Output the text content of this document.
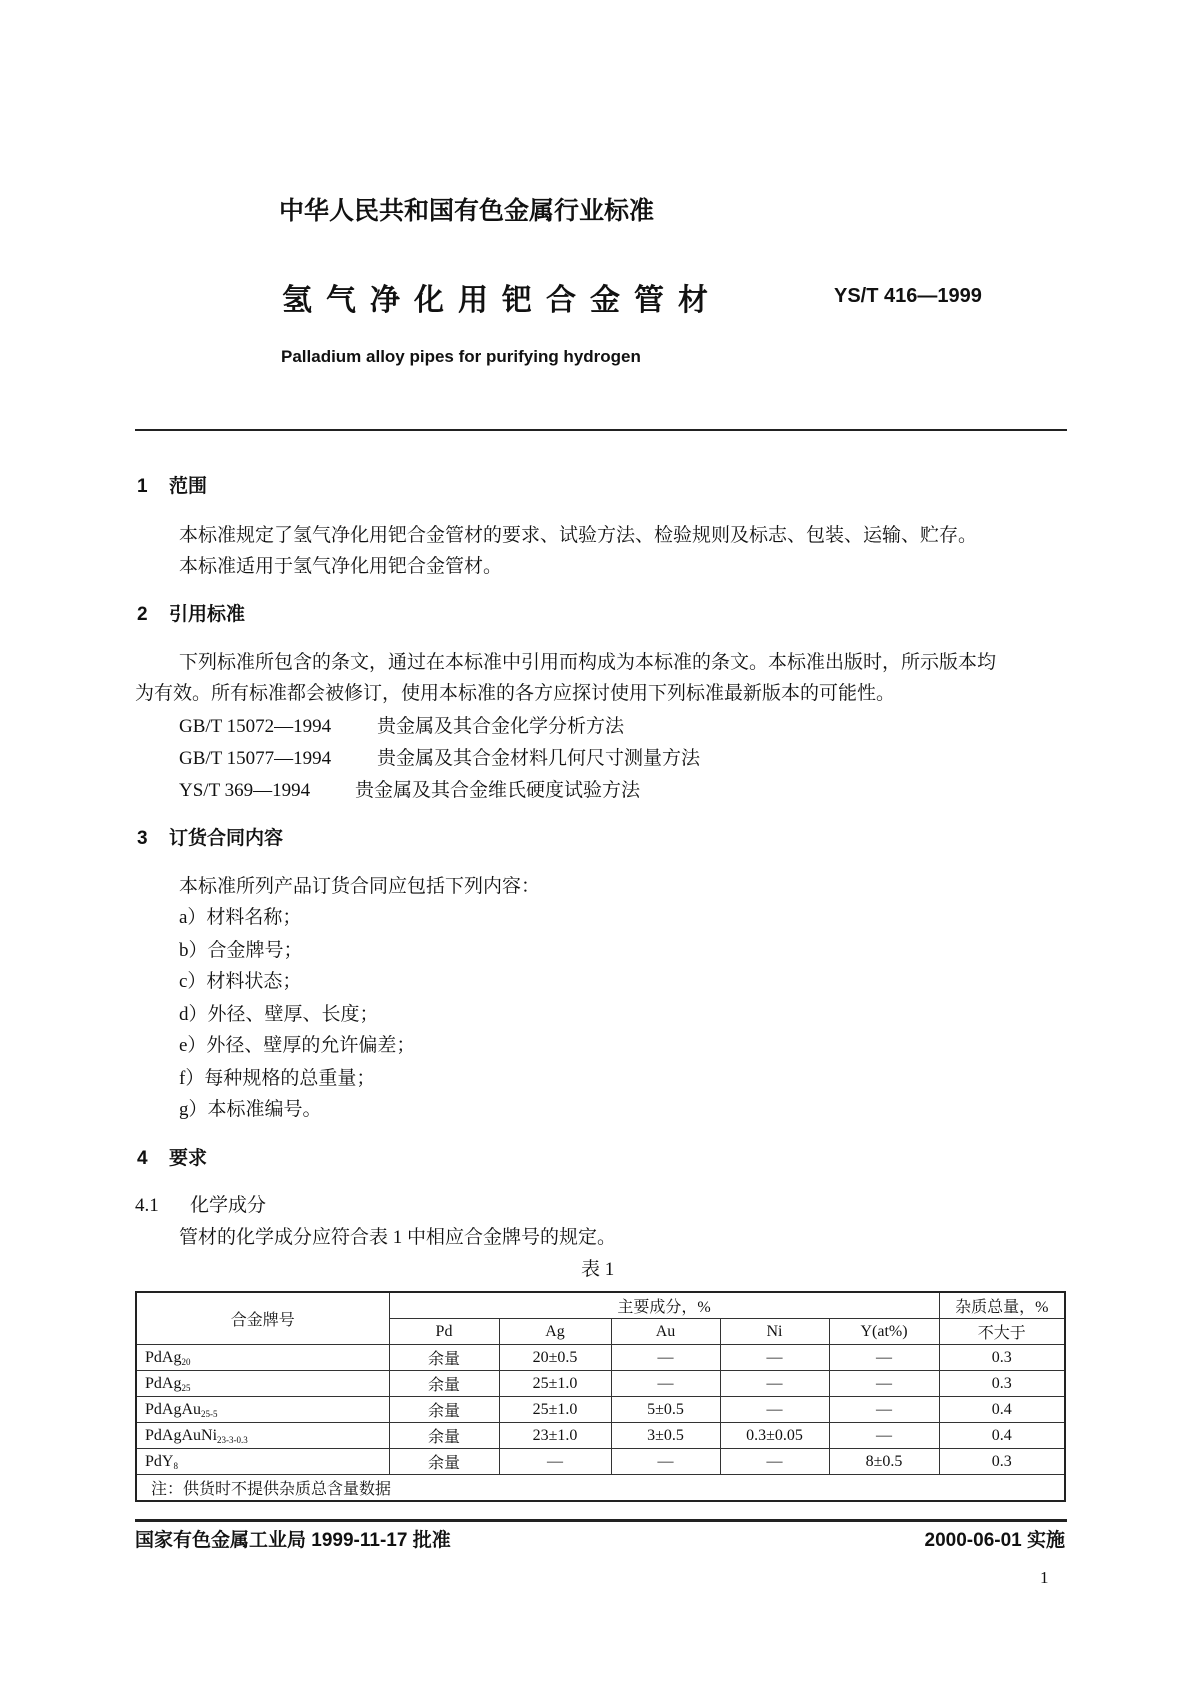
中华人民共和国有色金属行业标准
氢气净化用钯合金管材	YS/T 416—1999
Palladium alloy pipes for purifying hydrogen
1 范围
本标准规定了氢气净化用钯合金管材的要求、试验方法、检验规则及标志、包装、运输、贮存。
本标准适用于氢气净化用钯合金管材。
2 引用标准
下列标准所包含的条文，通过在本标准中引用而构成为本标准的条文。本标准出版时，所示版本均
为有效。所有标准都会被修订，使用本标准的各方应探讨使用下列标准最新版本的可能性。
GB/T 15072—1994 贵金属及其合金化学分析方法
GB/T 15077—1994 贵金属及其合金材料几何尺寸测量方法
YS/T 369—1994 贵金属及其合金维氏硬度试验方法
3 订货合同内容
本标准所列产品订货合同应包括下列内容：
a）材料名称；
b）合金牌号；
c）材料状态；
d）外径、壁厚、长度；
e）外径、壁厚的允许偏差；
f）每种规格的总重量；
g）本标准编号。
4 要求
4.1 化学成分
管材的化学成分应符合表 1 中相应合金牌号的规定。
表 1
合金牌号	主要成分，%					杂质总量，%
	Pd	Ag	Au	Ni	Y(at%)	不大于
PdAg$_{20}$	余量	20±0.5	—	—	—	0.3
PdAg$_{25}$	余量	25±1.0	—	—	—	0.3
PdAgAu$_{25-5}$	余量	25±1.0	5±0.5	—	—	0.4
PdAgAuNi$_{23-3-0.3}$	余量	23±1.0	3±0.5	0.3±0.05	—	0.4
PdY$_8$	余量	—	—	—	8±0.5	0.3
注：供货时不提供杂质总含量数据						
国家有色金属工业局 1999-11-17 批准	2000-06-01 实施
1
